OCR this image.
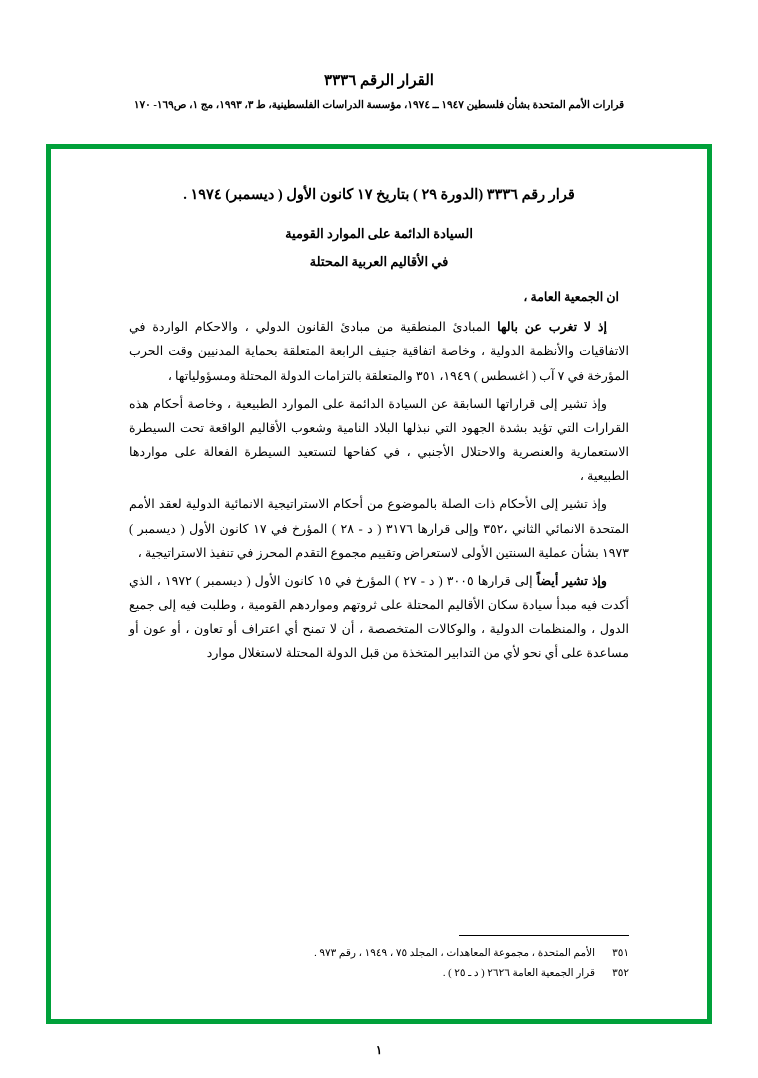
القرار الرقم ٣٣٣٦
قرارات الأمم المتحدة بشأن فلسطين ١٩٤٧ ــ ١٩٧٤، مؤسسة الدراسات الفلسطينية، ط ٣، ١٩٩٣، مج ١، ص١٦٩- ١٧٠
قرار رقم ٣٣٣٦ (الدورة ٢٩ ) بتاريخ ١٧ كانون الأول ( ديسمبر) ١٩٧٤ .
السيادة الدائمة على الموارد القومية
في الأقاليم العربية المحتلة
ان الجمعية العامة ،
إذ لا تغرب عن بالها المبادئ المنطقية من مبادئ القانون الدولي ، والاحكام الواردة في الاتفاقيات والأنظمة الدولية ، وخاصة اتفاقية جنيف الرابعة المتعلقة بحماية المدنيين وقت الحرب المؤرخة في ٧ آب ( اغسطس ) ١٩٤٩، ٣٥١ والمتعلقة بالتزامات الدولة المحتلة ومسؤولياتها ،
وإذ تشير إلى قراراتها السابقة عن السيادة الدائمة على الموارد الطبيعية ، وخاصة أحكام هذه القرارات التي تؤيد بشدة الجهود التي نبذلها البلاد النامية وشعوب الأقاليم الواقعة تحت السيطرة الاستعمارية والعنصرية والاحتلال الأجنبي ، في كفاحها لتستعيد السيطرة الفعالة على مواردها الطبيعية ،
وإذ تشير إلى الأحكام ذات الصلة بالموضوع من أحكام الاستراتيجية الانمائية الدولية لعقد الأمم المتحدة الانمائي الثاني ،٣٥٢ وإلى قرارها ٣١٧٦ ( د - ٢٨ ) المؤرخ في ١٧ كانون الأول ( ديسمبر ) ١٩٧٣ بشأن عملية السنتين الأولى لاستعراض وتقييم مجموع التقدم المحرز في تنفيذ الاستراتيجية ،
وإذ تشير أيضاً إلى قرارها ٣٠٠٥ ( د - ٢٧ ) المؤرخ في ١٥ كانون الأول ( ديسمبر ) ١٩٧٢ ، الذي أكدت فيه مبدأ سيادة سكان الأقاليم المحتلة على ثروتهم ومواردهم القومية ، وطلبت فيه إلى جميع الدول ، والمنظمات الدولية ، والوكالات المتخصصة ، أن لا تمنح أي اعتراف أو تعاون ، أو عون أو مساعدة على أي نحو لأي من التدابير المتخذة من قبل الدولة المحتلة لاستغلال موارد
٣٥١
الأمم المتحدة ، مجموعة المعاهدات ، المجلد ٧٥ ، ١٩٤٩ ، رقم ٩٧٣ .
٣٥٢
قرار الجمعية العامة ٢٦٢٦ ( د ـ ٢٥ ) .
١
